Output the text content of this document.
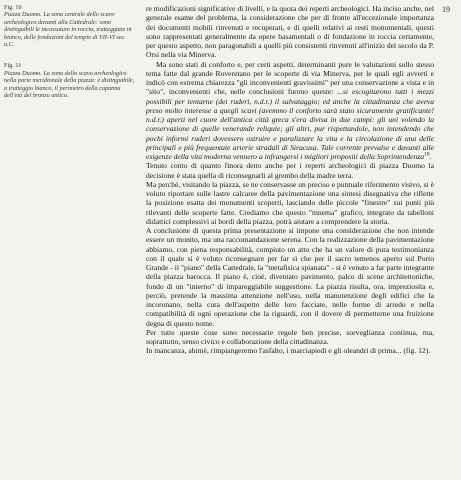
19
Fig. 10
Piazza Duomo. La zona centrale dello scavo archeologico davanti alla Cattedrale: sono distinguibili le incassature in roccia, tratteggiate in bianco, delle fondazioni del tempio di VII-VI sec. a.C.
Fig. 11
Piazza Duomo. La zona dello scavo archeologico nella parte meridionale della piazza: è distinguibile, a tratteggio bianco, il perimetro della capanna dell'età del bronzo antico.

re modificazioni significative di livelli, e la quota dei reperti archeologici. Ha inciso anche, nel generale esame del problema, la considerazione che per di fronte all'eccezionale importanza dei documenti mobili rinvenuti e recuperati, e di quelli relativi ai resti monumentali, questi sono rappresentati generalmente da opere basamentali o di fondazione in roccia certamente, per questo aspetto, non paragonabili a quelli più consistenti rinvenuti all'inizio del secolo da P. Orsi nella via Minerva.

Ma sono stati di conforto e, per certi aspetti, determinanti pure le valutazioni sullo stesso tema fatte dal grande Roveretano per le scoperte di via Minerva, per le quali egli avvertì e indicò con estrema chiarezza "gli inconvenienti gravissimi" per una conservazione a vista e in "sito", inconvenienti che, nelle conclusioni furono queste: ...si escogitarono tutti i mezzi possibili per tentarne (dei ruderi, n.d.r.) il salvataggio; ed anche la cittadinanza che aveva preso molto interesse a quegli scavi (avemmo il conforto sarà stato sicuramente gratificante! n.d.r.) aperti nel cuore dell'antica città greca s'era divisa in due campi: gli uni volendo la conservazione di quelle venerande reliquie; gli altri, pur rispettandole, non intendendo che pochi informi ruderi dovessero ostruire e paralizzare la vita e la circolazione di una delle principali e più frequentate arterie stradali di Siracusa. Tale corrente prevalse e davanti alle esigenze della vita moderna vennero a infrangersi i migliori propositi della Soprintendenza$^{18}$.

Tenuto conto di quanto finora detto anche per i reperti archeologici di piazza Duomo la decisione è stata quella di riconsegnarli al grembo della madre terra.

Ma perché, visitando la piazza, se ne conservasse un preciso e puntuale riferimento visivo, si è voluto riportare sulle lastre calcaree della pavimentazione una sintesi disegnativa che riflette la posizione esatta dei monumenti scoperti, lasciando delle piccole "finestre" sui punti più rilevanti delle scoperte fatte. Crediamo che questo "mnema" grafico, integrato da tabelloni didattici complessivi ai bordi della piazza, potrà aiutare a comprendere la storia.

A conclusione di questa prima presentazione si impone una considerazione che non intende essere un monito, ma una raccomandazione serena. Con la realizzazione della pavimentazione abbiamo, con piena responsabilità, compiuto un atto che ha un valore di pura testimonianza con il quale si è voluto riconsegnare per far sì che per il sacro temenos aperto sul Porto Grande - il "piano" della Cattedrale, la "metafisica spianata" - si è venuto a far parte integrante della piazza barocca. Il piano è, cioè, diventato pavimento, palco di scene architettoniche, fondo di un "interno" di impareggiabile suggestione. La piazza risulta, ora, impreziosita e, perciò, pretende la massima attenzione nell'uso, nella manutenzione degli edifici che la incoronano, nella cura dell'aspetto delle loro facciate, nelle forme di arredo e nella compatibilità di ogni operazione che la riguardi, con il dovere di permetterne una fruizione degna di questo nome.

Per tutte queste cose sono necessarie regole ben precise, sorveglianza continua, ma, soprattutto, senso civico e collaborazione della cittadinanza.

In mancanza, ahimè, rimpiangeremo l'asfalto, i marciapiedi e gli oleandri di prima... (fig. 12).
